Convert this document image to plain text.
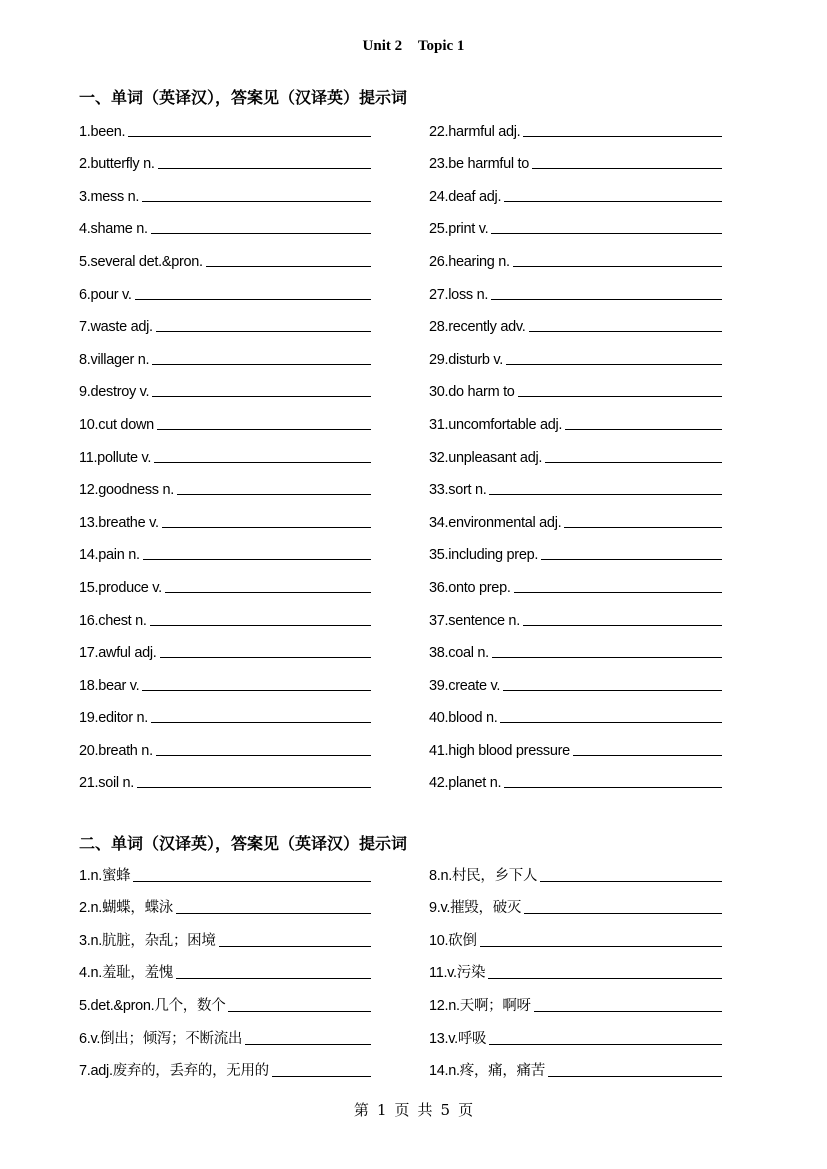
Unit 2 Topic 1
一、单词（英译汉），答案见（汉译英）提示词
1.been.	22.harmful adj.
2.butterfly n.	23.be harmful to
3.mess n.	24.deaf adj.
4.shame n.	25.print v.
5.several det.&pron.	26.hearing n.
6.pour v.	27.loss n.
7.waste adj.	28.recently adv.
8.villager n.	29.disturb v.
9.destroy v.	30.do harm to
10.cut down	31.uncomfortable adj.
11.pollute v.	32.unpleasant adj.
12.goodness n.	33.sort n.
13.breathe v.	34.environmental adj.
14.pain n.	35.including prep.
15.produce v.	36.onto prep.
16.chest n.	37.sentence n.
17.awful adj.	38.coal n.
18.bear v.	39.create v.
19.editor n.	40.blood n.
20.breath n.	41.high blood pressure
21.soil n.	42.planet n.
二、单词（汉译英），答案见（英译汉）提示词
1.n.蜜蜂	8.n.村民，乡下人
2.n.蝴蝶，蝶泳	9.v.摧毁，破灭
3.n.肮脏，杂乱；困境	10.砍倒
4.n.羞耻，羞愧	11.v.污染
5.det.&pron.几个，数个	12.n.天啊；啊呀
6.v.倒出；倾泻；不断流出	13.v.呼吸
7.adj.废弃的，丢弃的，无用的	14.n.疼，痛，痛苦
第 1 页 共 5 页
